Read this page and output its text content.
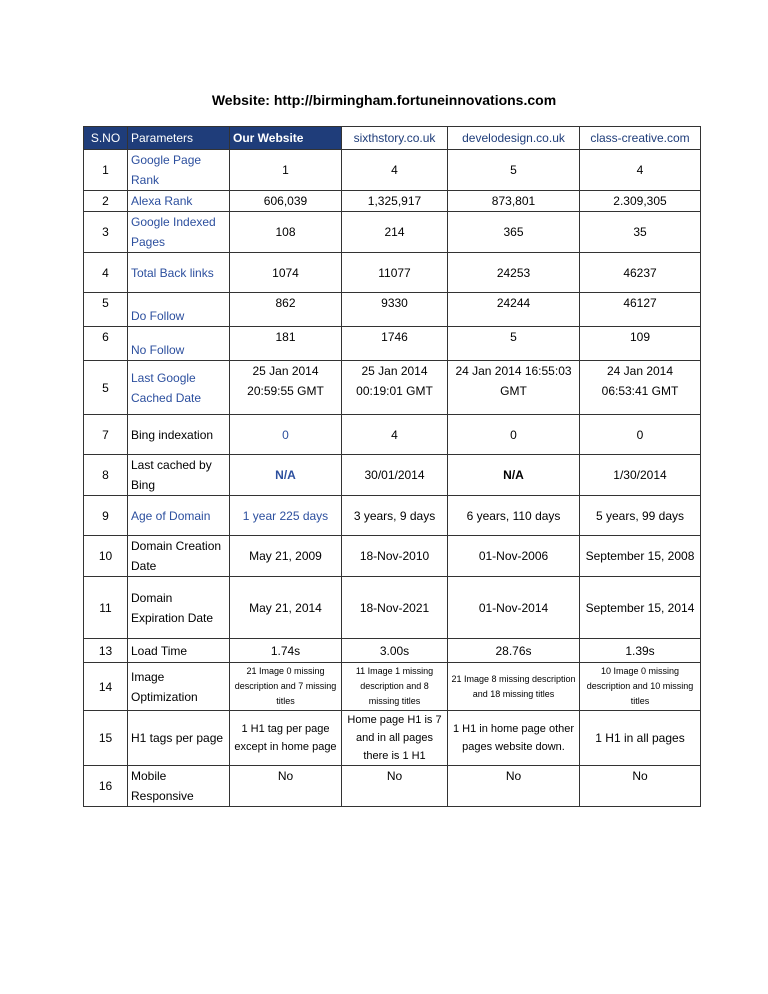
Website: http://birmingham.fortuneinnovations.com
S.NO	Parameters	Our Website	sixthstory.co.uk	develodesign.co.uk	class-creative.com
1	Google Page Rank	1	4	5	4
2	Alexa Rank	606,039	1,325,917	873,801	2.309,305
3	Google Indexed Pages	108	214	365	35
4	Total Back links	1074	11077	24253	46237
5	Do Follow	862	9330	24244	46127
6	No Follow	181	1746	5	109
5	Last Google Cached Date	25 Jan 2014 20:59:55 GMT	25 Jan 2014 00:19:01 GMT	24 Jan 2014 16:55:03 GMT	24 Jan 2014 06:53:41 GMT
7	Bing indexation	0	4	0	0
8	Last cached by Bing	N/A	30/01/2014	N/A	1/30/2014
9	Age of Domain	1 year 225 days	3 years, 9 days	6 years, 110 days	5 years, 99 days
10	Domain Creation Date	May 21, 2009	18-Nov-2010	01-Nov-2006	September 15, 2008
11	Domain Expiration Date	May 21, 2014	18-Nov-2021	01-Nov-2014	September 15, 2014
13	Load Time	1.74s	3.00s	28.76s	1.39s
14	Image Optimization	21 Image 0 missing description and 7 missing titles	11 Image 1 missing description and 8 missing titles	21 Image 8 missing description and 18 missing titles	10 Image 0 missing description and 10 missing titles
15	H1 tags per page	1 H1 tag per page except in home page	Home page H1 is 7 and in all pages there is 1 H1	1 H1 in home page other pages website down.	1 H1 in all pages
16	Mobile Responsive	No	No	No	No
